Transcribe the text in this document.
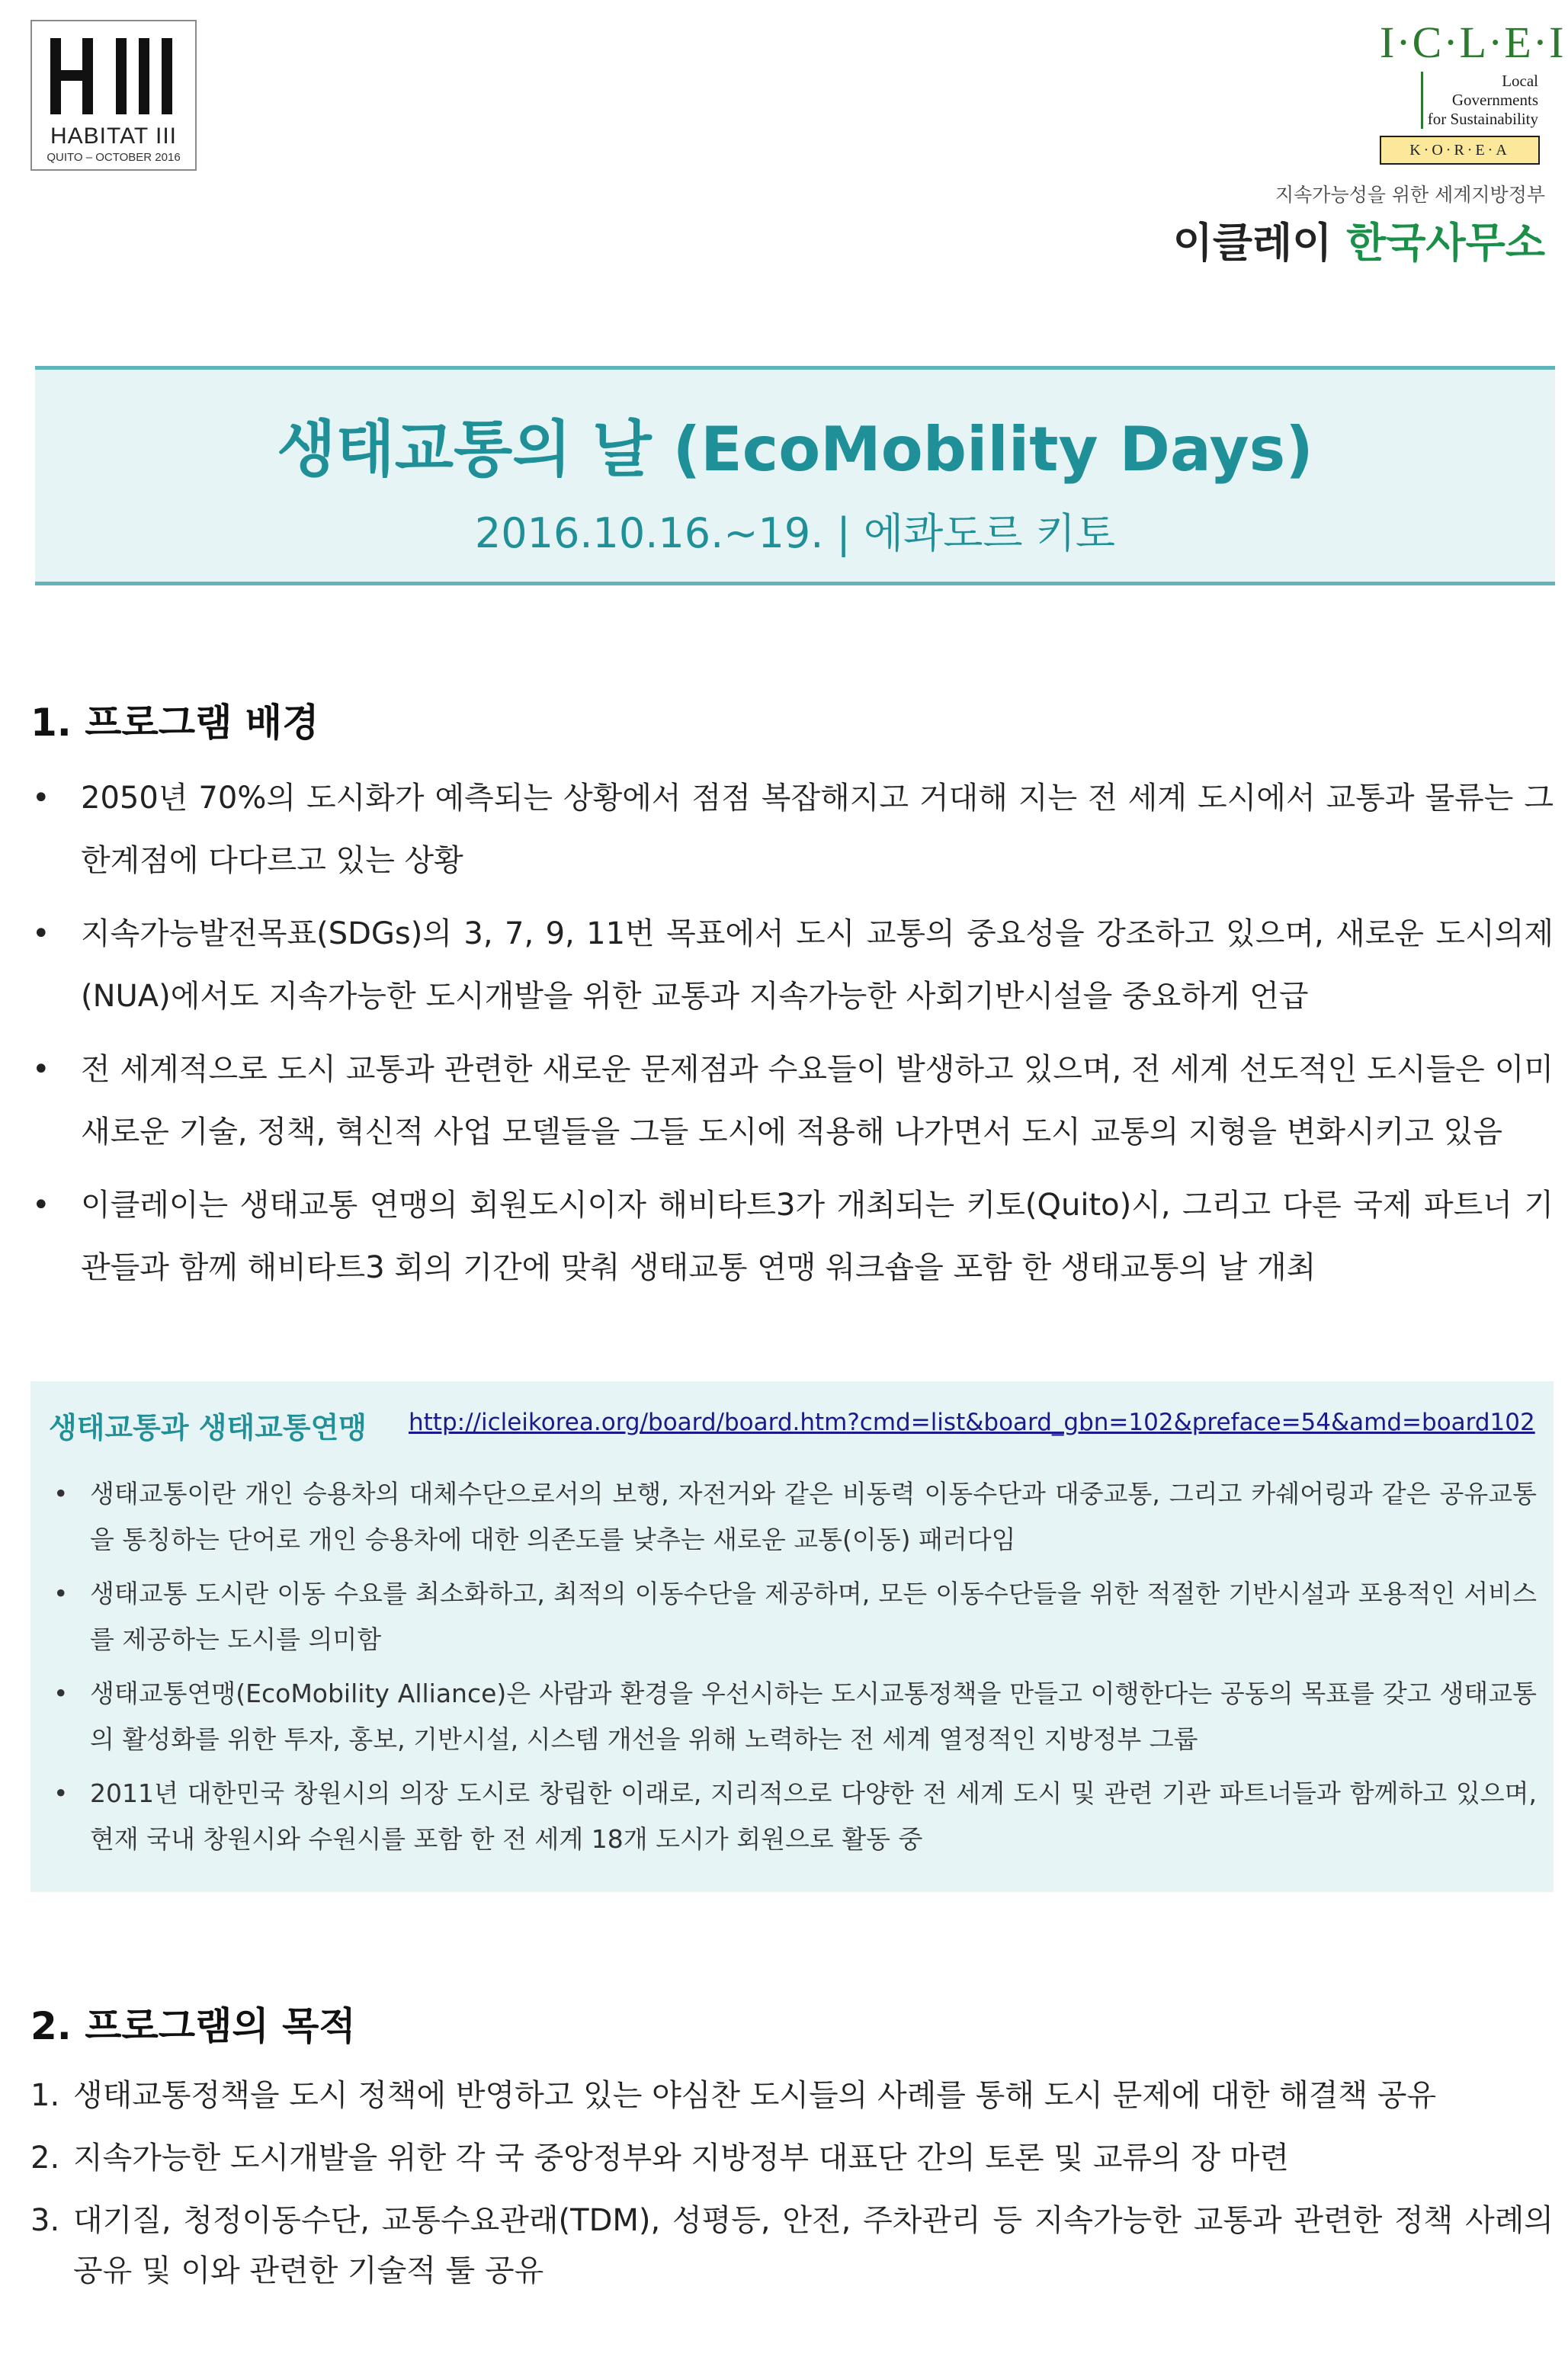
HABITAT III
QUITO – OCTOBER 2016
I·C·L·E·I
Local
Governments
for Sustainability
K·O·R·E·A
지속가능성을 위한 세계지방정부
이클레이 한국사무소
생태교통의 날 (EcoMobility Days)
2016.10.16.~19. | 에콰도르 키토
1. 프로그램 배경
• 2050년 70%의 도시화가 예측되는 상황에서 점점 복잡해지고 거대해 지는 전 세계 도시에서 교통과 물류는 그 한계점에 다다르고 있는 상황
• 지속가능발전목표(SDGs)의 3, 7, 9, 11번 목표에서 도시 교통의 중요성을 강조하고 있으며, 새로운 도시의제(NUA)에서도 지속가능한 도시개발을 위한 교통과 지속가능한 사회기반시설을 중요하게 언급
• 전 세계적으로 도시 교통과 관련한 새로운 문제점과 수요들이 발생하고 있으며, 전 세계 선도적인 도시들은 이미 새로운 기술, 정책, 혁신적 사업 모델들을 그들 도시에 적용해 나가면서 도시 교통의 지형을 변화시키고 있음
• 이클레이는 생태교통 연맹의 회원도시이자 해비타트3가 개최되는 키토(Quito)시, 그리고 다른 국제 파트너 기관들과 함께 해비타트3 회의 기간에 맞춰 생태교통 연맹 워크숍을 포함 한 생태교통의 날 개최
생태교통과 생태교통연맹 http://icleikorea.org/board/board.htm?cmd=list&board_gbn=102&preface=54&amd=board102
• 생태교통이란 개인 승용차의 대체수단으로서의 보행, 자전거와 같은 비동력 이동수단과 대중교통, 그리고 카쉐어링과 같은 공유교통을 통칭하는 단어로 개인 승용차에 대한 의존도를 낮추는 새로운 교통(이동) 패러다임
• 생태교통 도시란 이동 수요를 최소화하고, 최적의 이동수단을 제공하며, 모든 이동수단들을 위한 적절한 기반시설과 포용적인 서비스를 제공하는 도시를 의미함
• 생태교통연맹(EcoMobility Alliance)은 사람과 환경을 우선시하는 도시교통정책을 만들고 이행한다는 공동의 목표를 갖고 생태교통의 활성화를 위한 투자, 홍보, 기반시설, 시스템 개선을 위해 노력하는 전 세계 열정적인 지방정부 그룹
• 2011년 대한민국 창원시의 의장 도시로 창립한 이래로, 지리적으로 다양한 전 세계 도시 및 관련 기관 파트너들과 함께하고 있으며, 현재 국내 창원시와 수원시를 포함 한 전 세계 18개 도시가 회원으로 활동 중
2. 프로그램의 목적
1. 생태교통정책을 도시 정책에 반영하고 있는 야심찬 도시들의 사례를 통해 도시 문제에 대한 해결책 공유
2. 지속가능한 도시개발을 위한 각 국 중앙정부와 지방정부 대표단 간의 토론 및 교류의 장 마련
3. 대기질, 청정이동수단, 교통수요관래(TDM), 성평등, 안전, 주차관리 등 지속가능한 교통과 관련한 정책 사례의 공유 및 이와 관련한 기술적 툴 공유
